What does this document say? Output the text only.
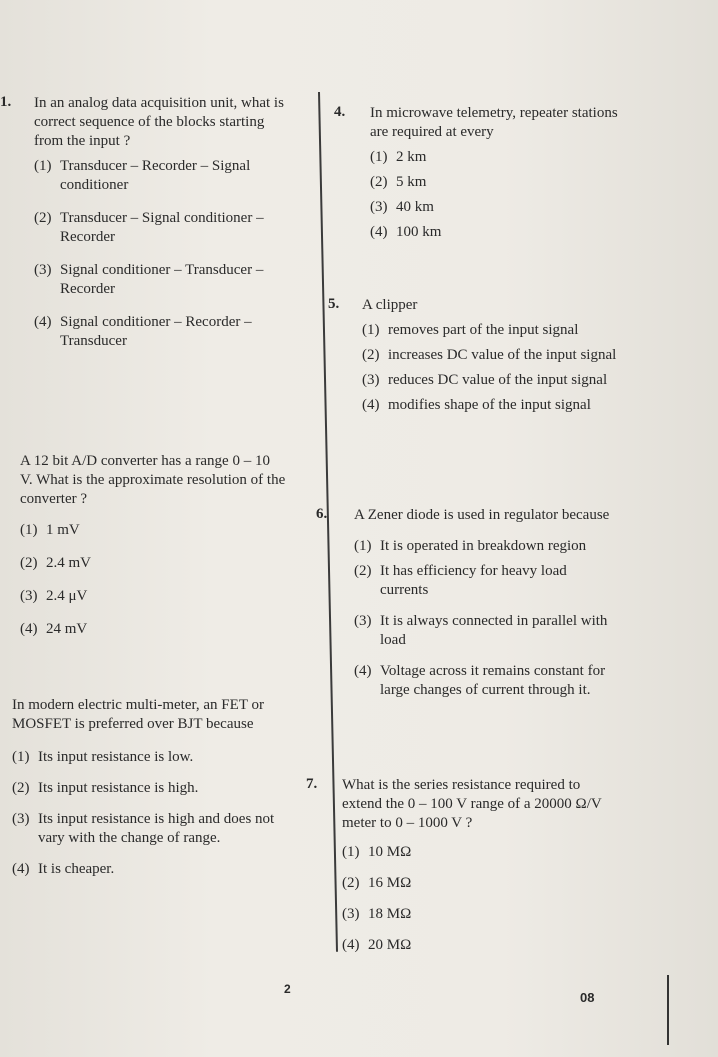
1. In an analog data acquisition unit, what is correct sequence of the blocks starting from the input ?

(1) Transducer – Recorder – Signal conditioner
(2) Transducer – Signal conditioner – Recorder
(3) Signal conditioner – Transducer – Recorder
(4) Signal conditioner – Recorder – Transducer

A 12 bit A/D converter has a range 0 – 10 V. What is the approximate resolution of the converter ?

(1) 1 mV
(2) 2.4 mV
(3) 2.4 μV
(4) 24 mV

In modern electric multi-meter, an FET or MOSFET is preferred over BJT because

(1) Its input resistance is low.
(2) Its input resistance is high.
(3) Its input resistance is high and does not vary with the change of range.
(4) It is cheaper.
4. In microwave telemetry, repeater stations are required at every

(1) 2 km
(2) 5 km
(3) 40 km
(4) 100 km
5. A clipper

(1) removes part of the input signal
(2) increases DC value of the input signal
(3) reduces DC value of the input signal
(4) modifies shape of the input signal
6. A Zener diode is used in regulator because

(1) It is operated in breakdown region
(2) It has efficiency for heavy load currents
(3) It is always connected in parallel with load
(4) Voltage across it remains constant for large changes of current through it.
7. What is the series resistance required to extend the 0 – 100 V range of a 20000 Ω/V meter to 0 – 1000 V ?

(1) 10 MΩ
(2) 16 MΩ
(3) 18 MΩ
(4) 20 MΩ
2
08
